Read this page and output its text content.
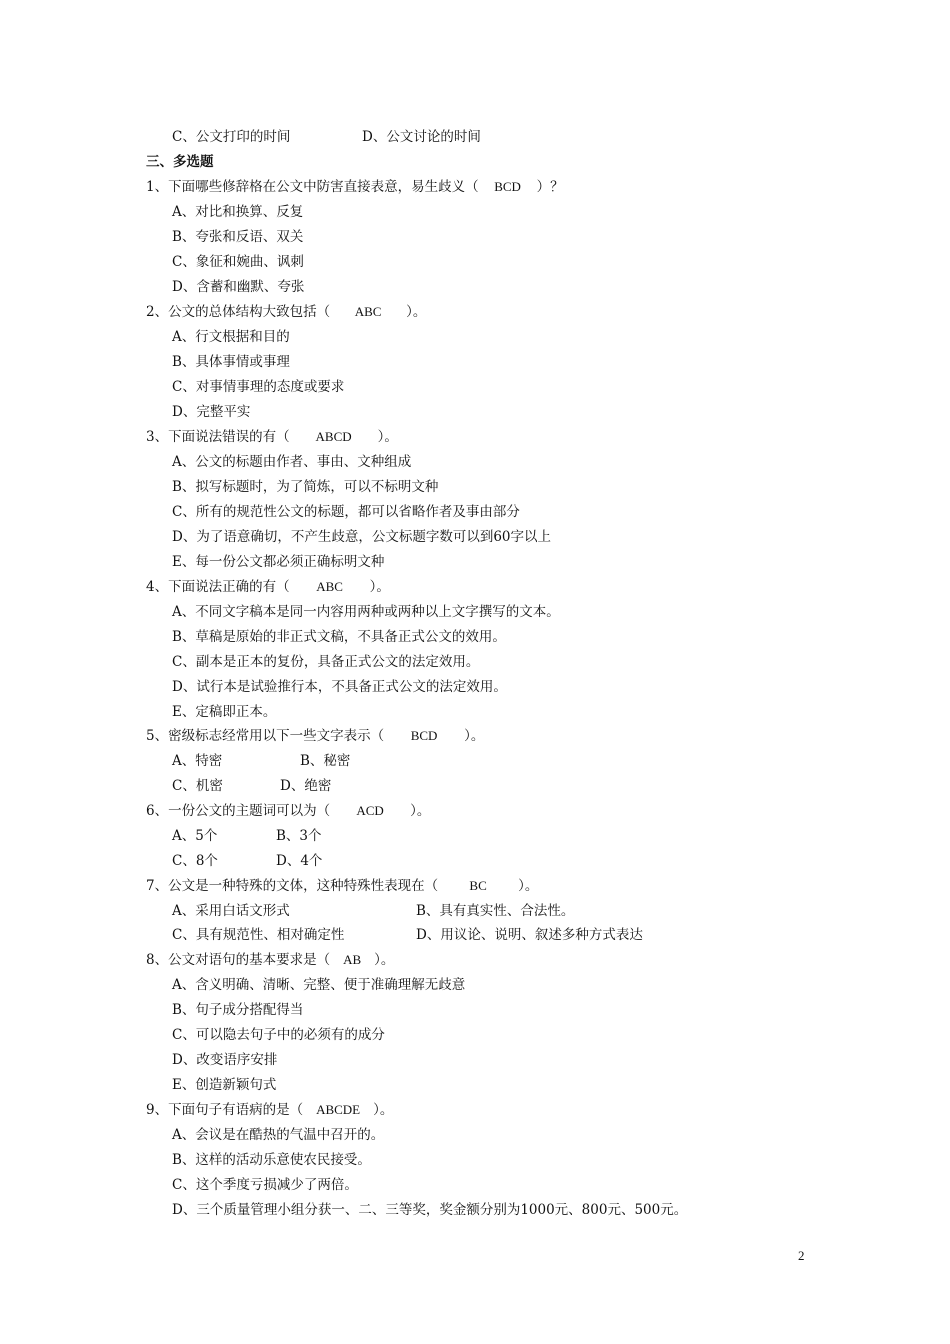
C、公文打印的时间	D、公文讨论的时间
三、多选题
1、下面哪些修辞格在公文中防害直接表意，易生歧义（ BCD ）？
A、对比和换算、反复
B、夸张和反语、双关
C、象征和婉曲、讽刺
D、含蓄和幽默、夸张
2、公文的总体结构大致包括（ ABC ）。
A、行文根据和目的
B、具体事情或事理
C、对事情事理的态度或要求
D、完整平实
3、下面说法错误的有（ ABCD ）。
A、公文的标题由作者、事由、文种组成
B、拟写标题时，为了简炼，可以不标明文种
C、所有的规范性公文的标题，都可以省略作者及事由部分
D、为了语意确切，不产生歧意，公文标题字数可以到60字以上
E、每一份公文都必须正确标明文种
4、下面说法正确的有（ ABC ）。
A、不同文字稿本是同一内容用两种或两种以上文字撰写的文本。
B、草稿是原始的非正式文稿，不具备正式公文的效用。
C、副本是正本的复份，具备正式公文的法定效用。
D、试行本是试验推行本，不具备正式公文的法定效用。
E、定稿即正本。
5、密级标志经常用以下一些文字表示（ BCD ）。
A、特密	B、秘密
C、机密	D、绝密
6、一份公文的主题词可以为（ ACD ）。
A、5个	B、3个
C、8个	D、4个
7、公文是一种特殊的文体，这种特殊性表现在（ BC ）。
A、采用白话文形式	B、具有真实性、合法性。
C、具有规范性、相对确定性	D、用议论、说明、叙述多种方式表达
8、公文对语句的基本要求是（ AB ）。
A、含义明确、清晰、完整、便于准确理解无歧意
B、句子成分搭配得当
C、可以隐去句子中的必须有的成分
D、改变语序安排
E、创造新颖句式
9、下面句子有语病的是（ ABCDE ）。
A、会议是在酷热的气温中召开的。
B、这样的活动乐意使农民接受。
C、这个季度亏损减少了两倍。
D、三个质量管理小组分获一、二、三等奖，奖金额分别为1000元、800元、500元。
2
